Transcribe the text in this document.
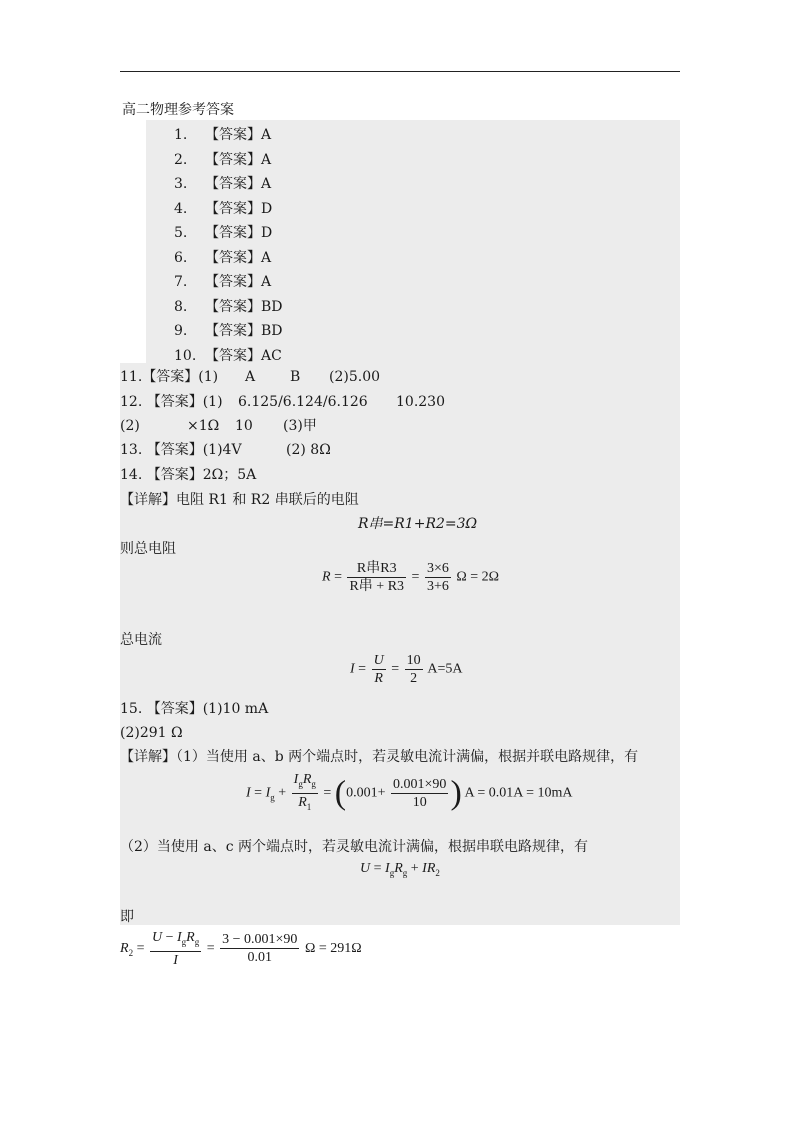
高二物理参考答案
1. 【答案】A
2. 【答案】A
3. 【答案】A
4. 【答案】D
5. 【答案】D
6. 【答案】A
7. 【答案】A
8. 【答案】BD
9. 【答案】BD
10. 【答案】AC
11.【答案】(1) A B (2)5.00
12. 【答案】(1) 6.125/6.124/6.126 10.230
(2)	×1Ω 10 (3)甲
13. 【答案】(1)4V	(2) 8Ω
14. 【答案】2Ω；5A
【详解】电阻 R1 和 R2 串联后的电阻
R串=R1+R2=3Ω
则总电阻
$R = \frac{\text{R串R3}}{\text{R串 + R3}} = \frac{3\times 6}{3+6}$ Ω = 2Ω
总电流
$I = \frac{U}{R} = \frac{10}{2} A=5A$
15. 【答案】(1)10 mA
(2)291 Ω
【详解】（1）当使用 a、b 两个端点时，若灵敏电流计满偏，根据并联电路规律，有
$I = I_g + \frac{I_gR_g}{R_1} = (0.001+ \frac{0.001\times 90}{10}$ ) A = 0.01A = 10mA
（2）当使用 a、c 两个端点时，若灵敏电流计满偏，根据串联电路规律，有
$U = I_gR_g + IR_2$
即
$R_2 = \frac{U - I_gR_g}{I} = \frac{3 - 0.001\times 90}{0.01}$ Ω = 291Ω
